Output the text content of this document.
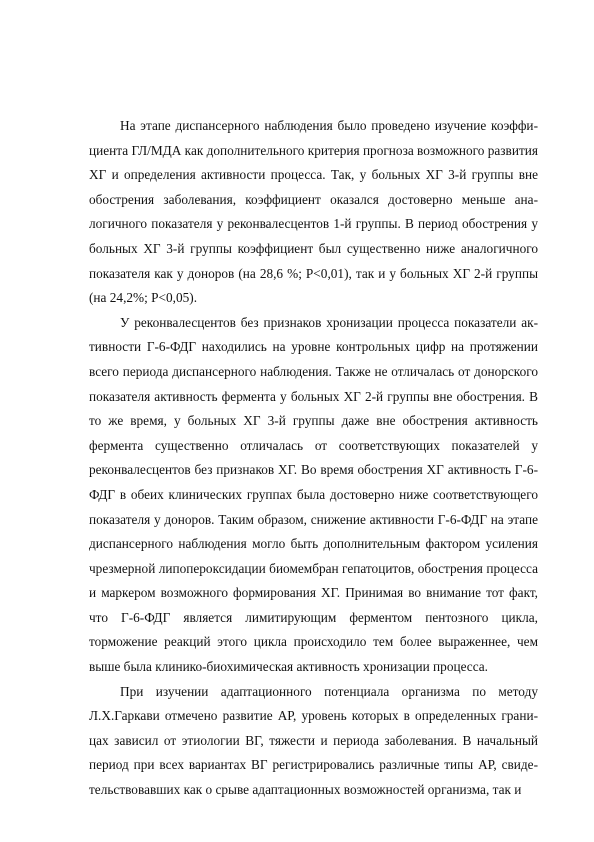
На этапе диспансерного наблюдения было проведено изучение коэффициента ГЛ/МДА как дополнительного критерия прогноза возможного развития ХГ и определения активности процесса. Так, у больных ХГ 3-й группы вне обострения заболевания, коэффициент оказался достоверно меньше аналогичного показателя у реконвалесцентов 1-й группы. В период обострения у больных ХГ 3-й группы коэффициент был существенно ниже аналогичного показателя как у доноров (на 28,6 %; P<0,01), так и у больных ХГ 2-й группы (на 24,2%; P<0,05).

У реконвалесцентов без признаков хронизации процесса показатели активности Г-6-ФДГ находились на уровне контрольных цифр на протяжении всего периода диспансерного наблюдения. Также не отличалась от донорского показателя активность фермента у больных ХГ 2-й группы вне обострения. В то же время, у больных ХГ 3-й группы даже вне обострения активность фермента существенно отличалась от соответствующих показателей у реконвалесцентов без признаков ХГ. Во время обострения ХГ активность Г-6-ФДГ в обеих клинических группах была достоверно ниже соответствующего показателя у доноров. Таким образом, снижение активности Г-6-ФДГ на этапе диспансерного наблюдения могло быть дополнительным фактором усиления чрезмерной липопероксидации биомембран гепатоцитов, обострения процесса и маркером возможного формирования ХГ. Принимая во внимание тот факт, что Г-6-ФДГ является лимитирующим ферментом пентозного цикла, торможение реакций этого цикла происходило тем более выраженнее, чем выше была клинико-биохимическая активность хронизации процесса.

При изучении адаптационного потенциала организма по методу Л.Х.Гаркави отмечено развитие АР, уровень которых в определенных границах зависил от этиологии ВГ, тяжести и периода заболевания. В начальный период при всех вариантах ВГ регистрировались различные типы АР, свидетельствовавших как о срыве адаптационных возможностей организма, так и
